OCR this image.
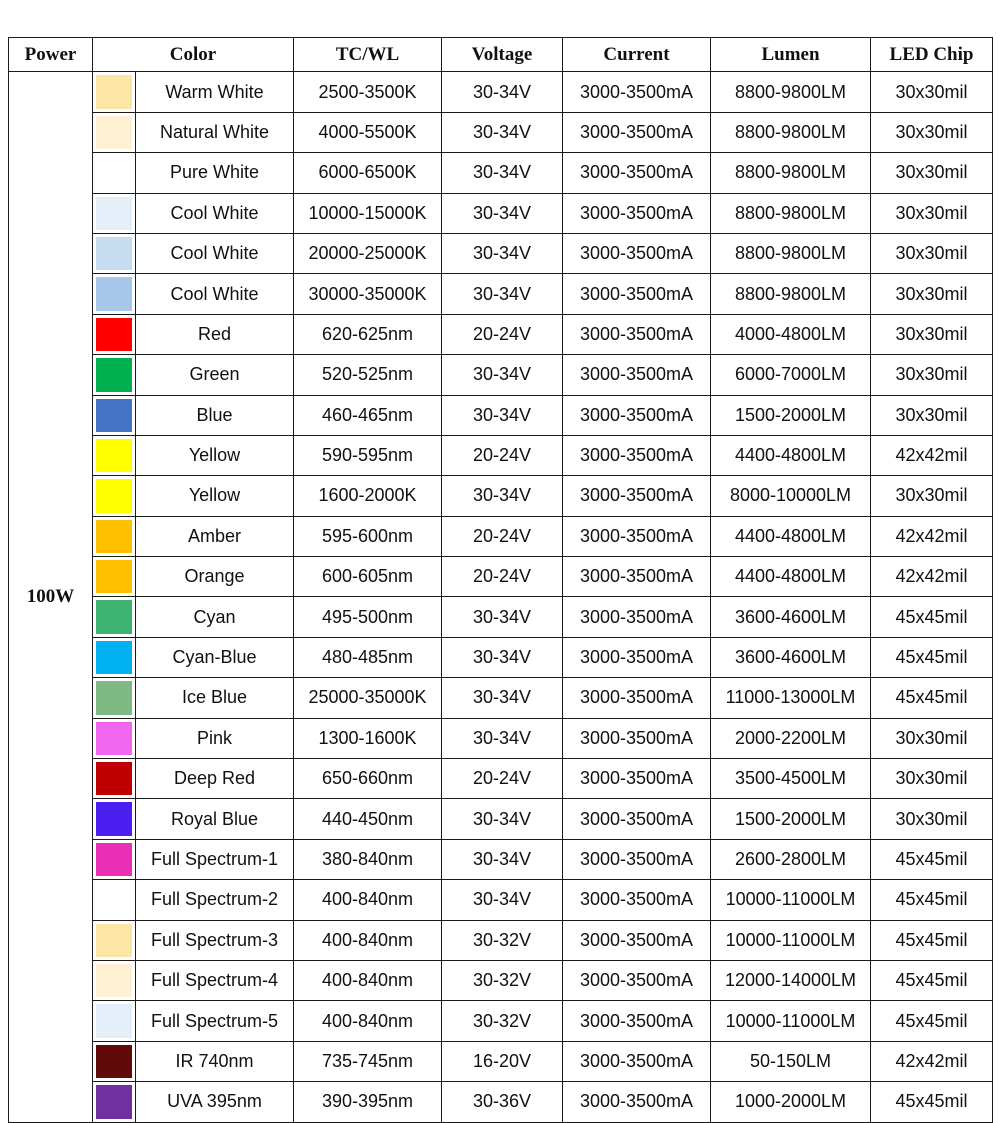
Power	Color		TC/WL	Voltage	Current	Lumen	LED Chip
100W		Warm White	2500-3500K	30-34V	3000-3500mA	8800-9800LM	30x30mil

		Natural White	4000-5500K	30-34V	3000-3500mA	8800-9800LM	30x30mil

		Pure White	6000-6500K	30-34V	3000-3500mA	8800-9800LM	30x30mil

		Cool White	10000-15000K	30-34V	3000-3500mA	8800-9800LM	30x30mil

		Cool White	20000-25000K	30-34V	3000-3500mA	8800-9800LM	30x30mil

		Cool White	30000-35000K	30-34V	3000-3500mA	8800-9800LM	30x30mil

		Red	620-625nm	20-24V	3000-3500mA	4000-4800LM	30x30mil

		Green	520-525nm	30-34V	3000-3500mA	6000-7000LM	30x30mil

		Blue	460-465nm	30-34V	3000-3500mA	1500-2000LM	30x30mil

		Yellow	590-595nm	20-24V	3000-3500mA	4400-4800LM	42x42mil

		Yellow	1600-2000K	30-34V	3000-3500mA	8000-10000LM	30x30mil

		Amber	595-600nm	20-24V	3000-3500mA	4400-4800LM	42x42mil

		Orange	600-605nm	20-24V	3000-3500mA	4400-4800LM	42x42mil

		Cyan	495-500nm	30-34V	3000-3500mA	3600-4600LM	45x45mil

		Cyan-Blue	480-485nm	30-34V	3000-3500mA	3600-4600LM	45x45mil

		Ice Blue	25000-35000K	30-34V	3000-3500mA	11000-13000LM	45x45mil

		Pink	1300-1600K	30-34V	3000-3500mA	2000-2200LM	30x30mil

		Deep Red	650-660nm	20-24V	3000-3500mA	3500-4500LM	30x30mil

		Royal Blue	440-450nm	30-34V	3000-3500mA	1500-2000LM	30x30mil

		Full Spectrum-1	380-840nm	30-34V	3000-3500mA	2600-2800LM	45x45mil

		Full Spectrum-2	400-840nm	30-34V	3000-3500mA	10000-11000LM	45x45mil

		Full Spectrum-3	400-840nm	30-32V	3000-3500mA	10000-11000LM	45x45mil

		Full Spectrum-4	400-840nm	30-32V	3000-3500mA	12000-14000LM	45x45mil

		Full Spectrum-5	400-840nm	30-32V	3000-3500mA	10000-11000LM	45x45mil

		IR 740nm	735-745nm	16-20V	3000-3500mA	50-150LM	42x42mil

		UVA 395nm	390-395nm	30-36V	3000-3500mA	1000-2000LM	45x45mil
